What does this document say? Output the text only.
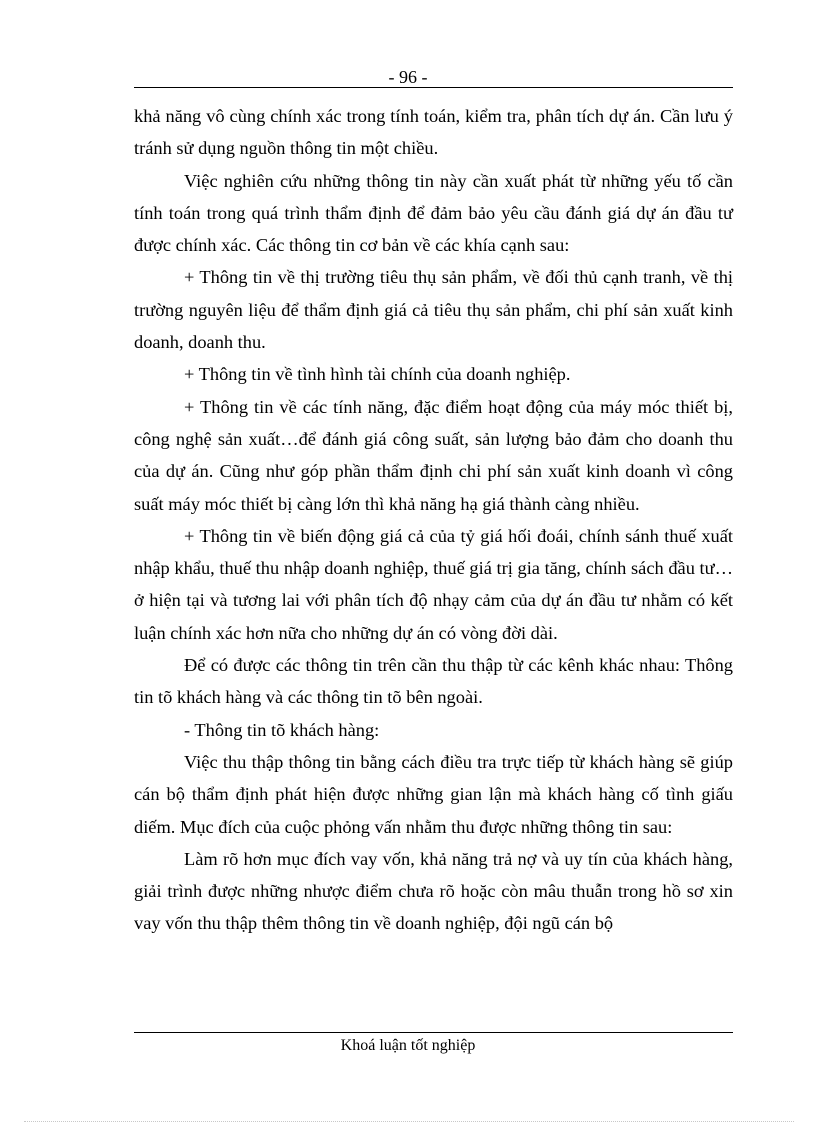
- 96 -

khả năng vô cùng chính xác trong tính toán, kiểm tra, phân tích dự án. Cần lưu ý tránh sử dụng nguồn thông tin một chiều.

Việc nghiên cứu những thông tin này cần xuất phát từ những yếu tố cần tính toán trong quá trình thẩm định để đảm bảo yêu cầu đánh giá dự án đầu tư được chính xác. Các thông tin cơ bản về các khía cạnh sau:

+ Thông tin về thị trường tiêu thụ sản phẩm, về đối thủ cạnh tranh, về thị trường nguyên liệu để thẩm định giá cả tiêu thụ sản phẩm, chi phí sản xuất kinh doanh, doanh thu.

+ Thông tin về tình hình tài chính của doanh nghiệp.

+ Thông tin về các tính năng, đặc điểm hoạt động của máy móc thiết bị, công nghệ sản xuất…để đánh giá công suất, sản lượng bảo đảm cho doanh thu của dự án. Cũng như góp phần thẩm định chi phí sản xuất kinh doanh vì công suất máy móc thiết bị càng lớn thì khả năng hạ giá thành càng nhiều.

+ Thông tin về biến động giá cả của tỷ giá hối đoái, chính sánh thuế xuất nhập khẩu, thuế thu nhập doanh nghiệp, thuế giá trị gia tăng, chính sách đầu tư…ở hiện tại và tương lai với phân tích độ nhạy cảm của dự án đầu tư nhằm có kết luận chính xác hơn nữa cho những dự án có vòng đời dài.

Để có được các thông tin trên cần thu thập từ các kênh khác nhau: Thông tin tõ khách hàng và các thông tin tõ bên ngoài.

- Thông tin tõ khách hàng:

Việc thu thập thông tin bằng cách điều tra trực tiếp từ khách hàng sẽ giúp cán bộ thẩm định phát hiện được những gian lận mà khách hàng cố tình giấu diếm. Mục đích của cuộc phỏng vấn nhằm thu được những thông tin sau:

Làm rõ hơn mục đích vay vốn, khả năng trả nợ và uy tín của khách hàng, giải trình được những nhược điểm chưa rõ hoặc còn mâu thuẫn trong hồ sơ xin vay vốn thu thập thêm thông tin về doanh nghiệp, đội ngũ cán bộ

Khoá luận tốt nghiệp
